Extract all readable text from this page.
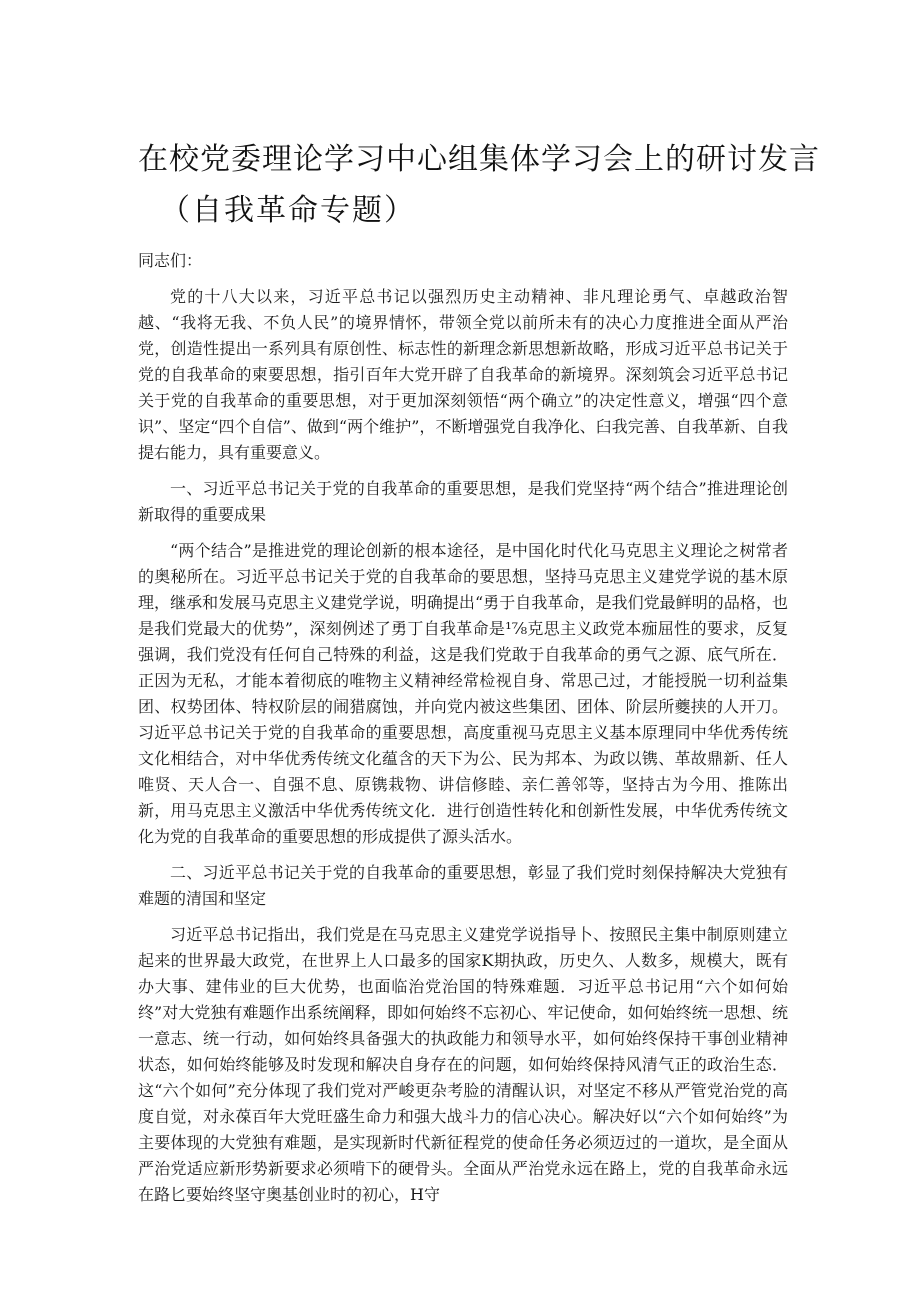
在校党委理论学习中心组集体学习会上的研讨发言
（自我革命专题）

同志们：

党的十八大以来，习近平总书记以强烈历史主动精神、非凡理论勇气、卓越政治智越、“我将无我、不负人民”的境界情怀，带领全党以前所未有的决心力度推进全面从严治党，创造性提出一系列具有原创性、标志性的新理念新思想新故略，形成习近平总书记关于党的自我革命的柬要思想，指引百年大党开辟了自我革命的新境界。深刻筑会习近平总书记关于党的自我革命的重要思想，对于更加深刻领悟“两个确立”的决定性意义，增强“四个意识”、坚定“四个自信”、做到“两个维护”，不断增强党自我净化、臼我完善、自我革新、自我提右能力，具有重要意义。

一、习近平总书记关于党的自我革命的重要思想，是我们党坚持“两个结合”推进理论创新取得的重要成果

“两个结合”是推进党的理论创新的根本途径，是中国化时代化马克思主义理论之树常者的奥秘所在。习近平总书记关于党的自我革命的要思想，坚持马克思主义建党学说的基木原理，继承和发展马克思主义建党学说，明确提出“勇于自我革命，是我们党最鲜明的品格，也是我们党最大的优势”，深刻例述了勇丁自我革命是¹⅞克思主义政党本痂屈性的要求，反复强调，我们党没有任何自己特殊的利益，这是我们党敢于自我革命的勇气之源、底气所在．正因为无私，才能本着彻底的唯物主义精神经常检视自身、常思己过，才能授脱一切利益集团、权势团体、特权阶层的闹猎腐蚀，并向党内被这些集团、团体、阶层所夔挟的人开刀。习近平总书记关于党的自我革命的重要思想，高度重视马克思主义基本原理同中华优秀传统文化相结合，对中华优秀传统文化蕴含的天下为公、民为邦本、为政以镌、革故鼎新、任人唯贤、天人合一、自强不息、原镌栽物、讲信修睦、亲仁善邻等，坚持古为今用、推陈出新，用马克思主义激活中华优秀传统文化．进行创造性转化和创新性发展，中华优秀传统文化为党的自我革命的重要思想的形成提供了源头活水。

二、习近平总书记关于党的自我革命的重要思想，彰显了我们党时刻保持解决大党独有难题的清国和坚定

习近平总书记指出，我们党是在马克思主义建党学说指导卜、按照民主集中制原则建立起来的世界最大政党，在世界上人口最多的国家K期执政，历史久、人数多，规模大，既有办大事、建伟业的巨大优势，也面临治党治国的特殊难题．习近平总书记用“六个如何始终”对大党独有难题作出系统阐释，即如何始终不忘初心、牢记使命，如何始终统一思想、统一意志、统一行动，如何始终具备强大的执政能力和领导水平，如何始终保持干事创业精神状态，如何始终能够及时发现和解决自身存在的问题，如何始终保持风清气正的政治生态．这“六个如何”充分体现了我们党对严峻更杂考脸的清醒认识，对坚定不移从严管党治党的高度自觉，对永葆百年大党旺盛生命力和强大战斗力的信心决心。解决好以“六个如何始终”为主要体现的大党独有难题，是实现新时代新征程党的使命任务必须迈过的一道坎，是全面从严治党适应新形势新要求必须啃下的硬骨头。全面从严治党永远在路上，党的自我革命永远在路匕要始终坚守奥基创业时的初心，H守
